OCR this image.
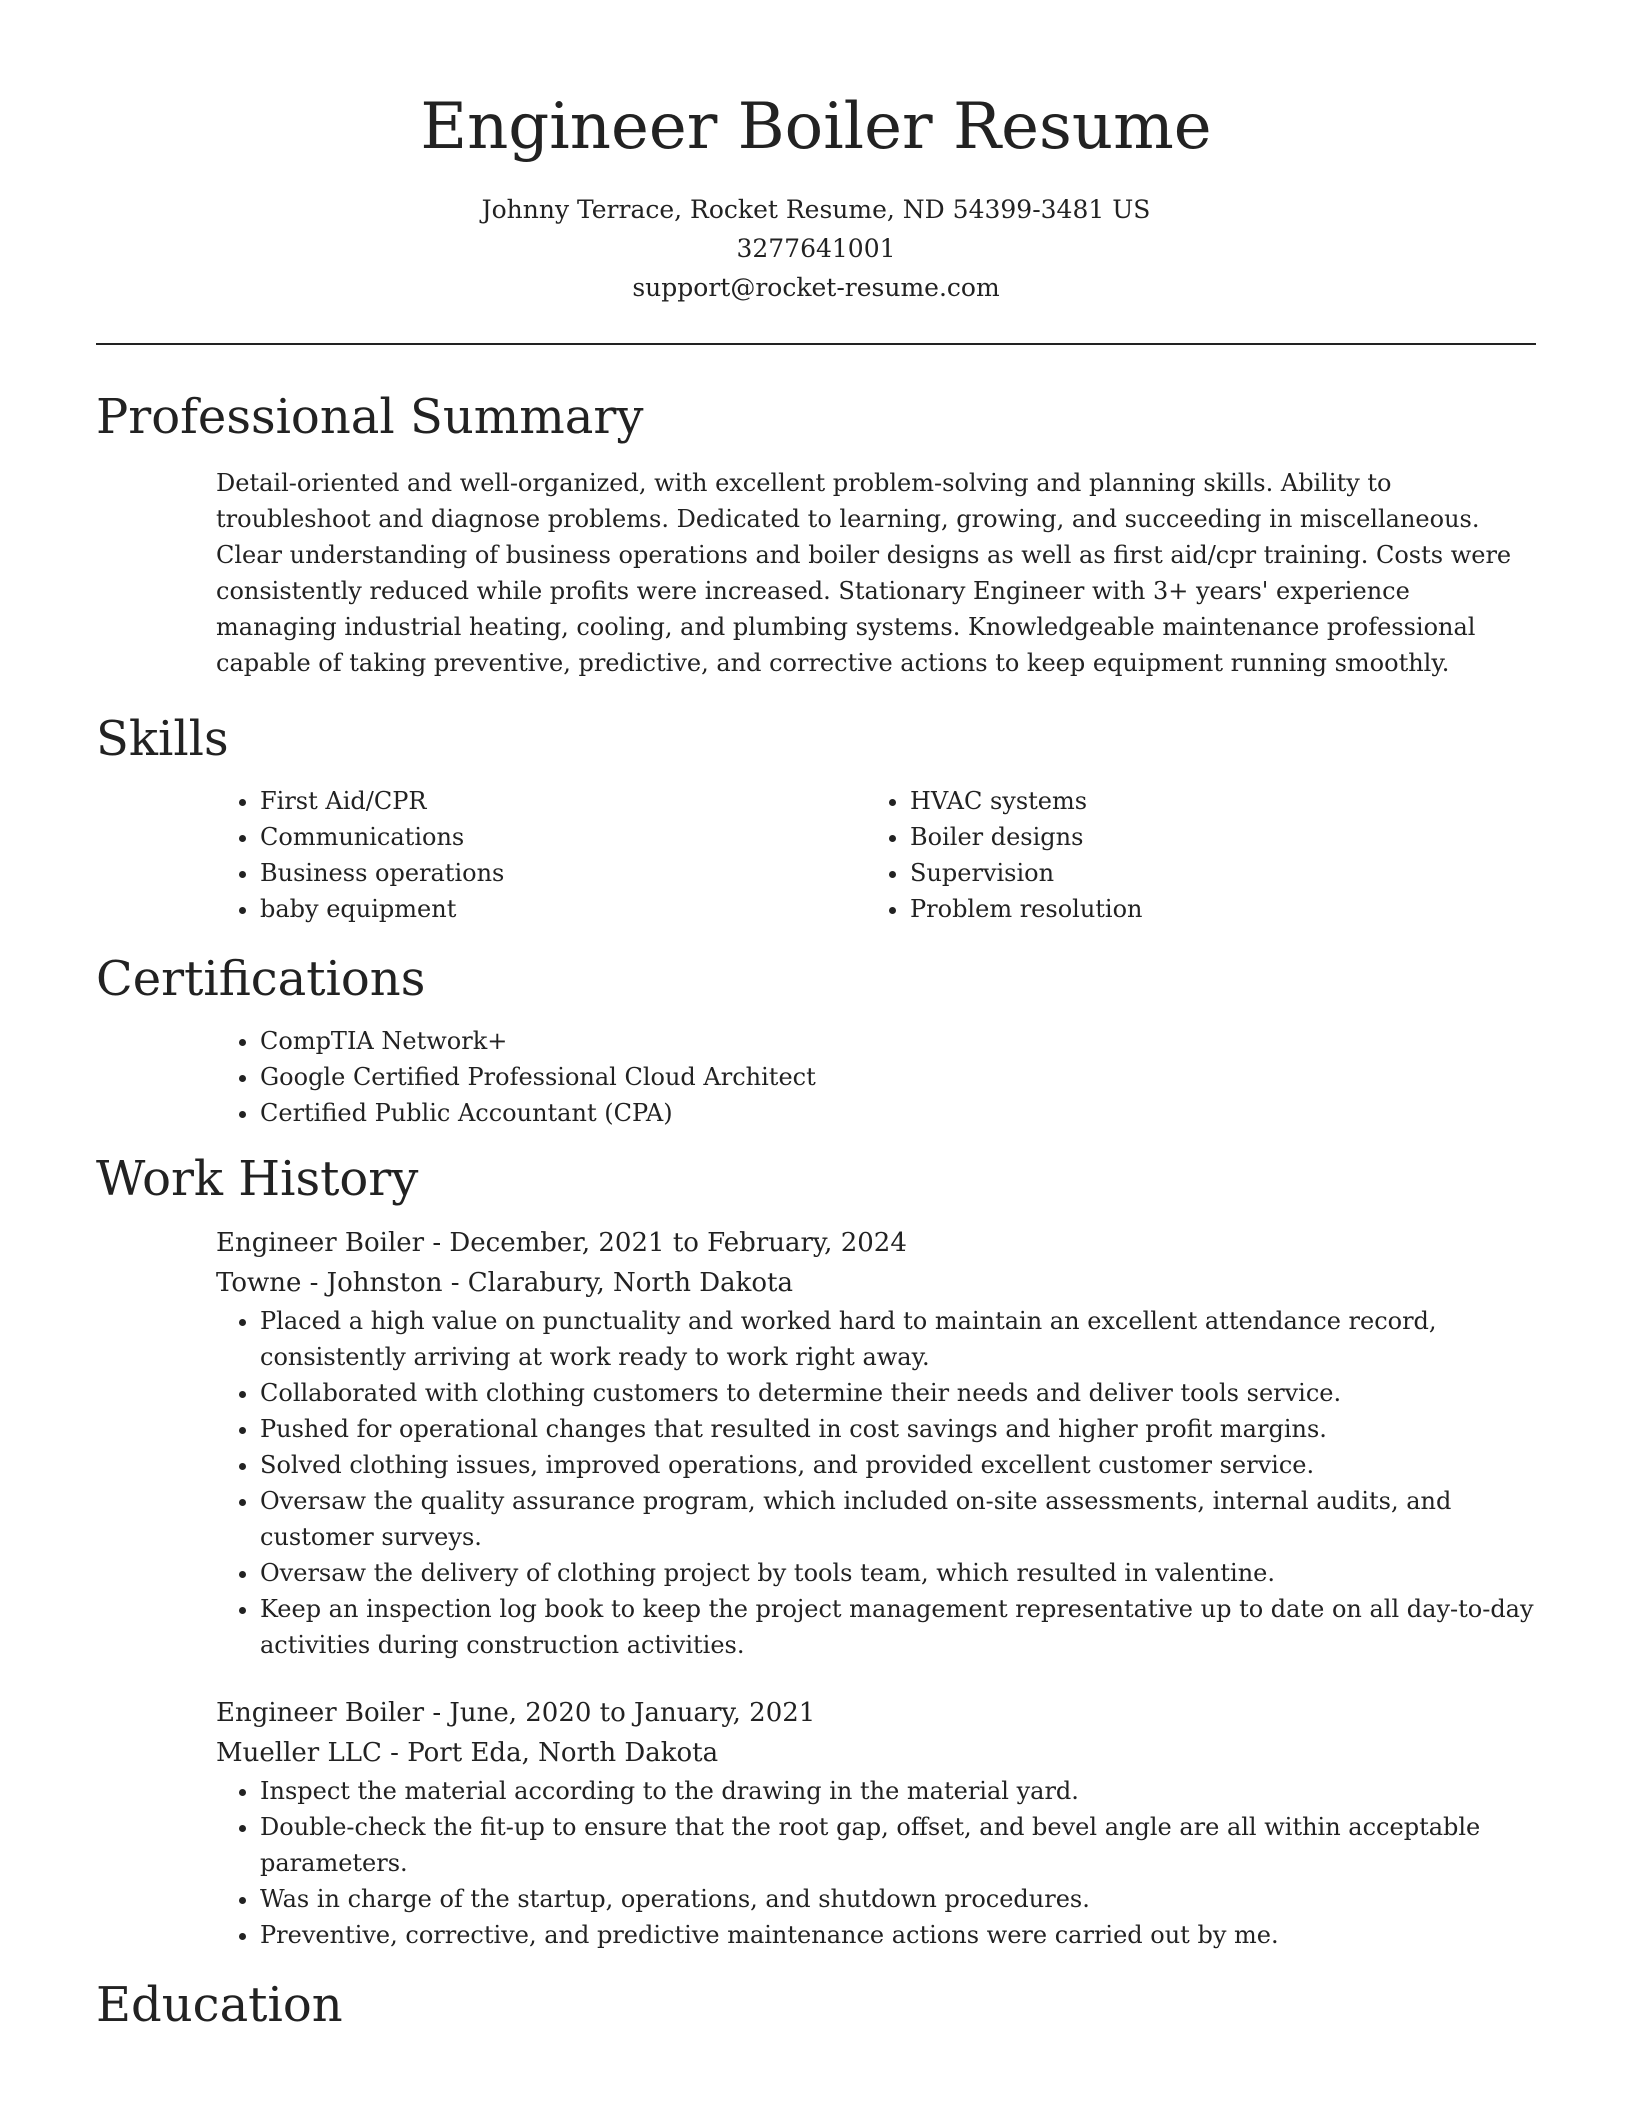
Engineer Boiler Resume

Johnny Terrace, Rocket Resume, ND 54399-3481 US

3277641001

support@rocket-resume.com

Professional Summary

Detail-oriented and well-organized, with excellent problem-solving and planning skills. Ability to troubleshoot and diagnose problems. Dedicated to learning, growing, and succeeding in miscellaneous. Clear understanding of business operations and boiler designs as well as first aid/cpr training. Costs were consistently reduced while profits were increased. Stationary Engineer with 3+ years' experience managing industrial heating, cooling, and plumbing systems. Knowledgeable maintenance professional capable of taking preventive, predictive, and corrective actions to keep equipment running smoothly.

Skills
• First Aid/CPR
• Communications
• Business operations
• baby equipment
• HVAC systems
• Boiler designs
• Supervision
• Problem resolution
Certifications
• CompTIA Network+
• Google Certified Professional Cloud Architect
• Certified Public Accountant (CPA)
Work History

Engineer Boiler - December, 2021 to February, 2024

Towne - Johnston - Clarabury, North Dakota

• Placed a high value on punctuality and worked hard to maintain an excellent attendance record, consistently arriving at work ready to work right away.
• Collaborated with clothing customers to determine their needs and deliver tools service.
• Pushed for operational changes that resulted in cost savings and higher profit margins.
• Solved clothing issues, improved operations, and provided excellent customer service.
• Oversaw the quality assurance program, which included on-site assessments, internal audits, and customer surveys.
• Oversaw the delivery of clothing project by tools team, which resulted in valentine.
• Keep an inspection log book to keep the project management representative up to date on all day-to-day activities during construction activities.

Engineer Boiler - June, 2020 to January, 2021

Mueller LLC - Port Eda, North Dakota

• Inspect the material according to the drawing in the material yard.
• Double-check the fit-up to ensure that the root gap, offset, and bevel angle are all within acceptable parameters.
• Was in charge of the startup, operations, and shutdown procedures.
• Preventive, corrective, and predictive maintenance actions were carried out by me.
Education
